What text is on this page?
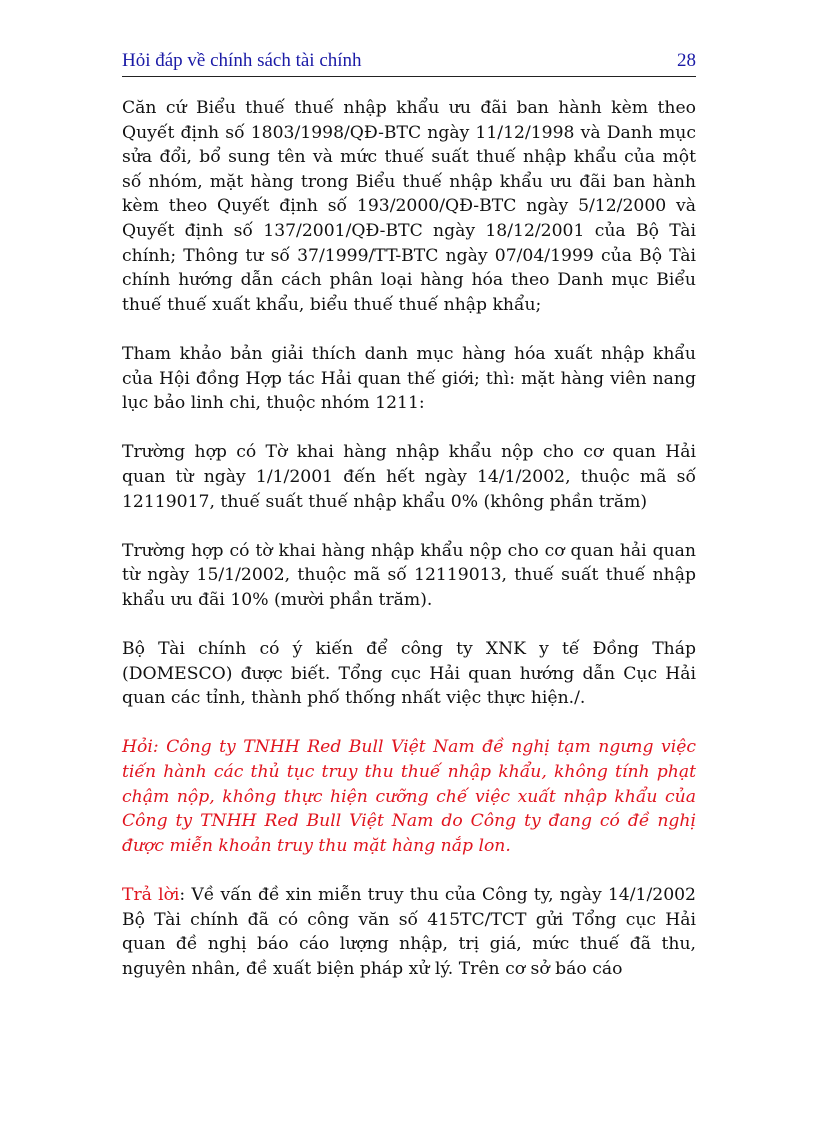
Hỏi đáp về chính sách tài chính	28

Căn cứ Biểu thuế thuế nhập khẩu ưu đãi ban hành kèm theo Quyết định số 1803/1998/QĐ-BTC ngày 11/12/1998 và Danh mục sửa đổi, bổ sung tên và mức thuế suất thuế nhập khẩu của một số nhóm, mặt hàng trong Biểu thuế nhập khẩu ưu đãi ban hành kèm theo Quyết định số 193/2000/QĐ-BTC ngày 5/12/2000 và Quyết định số 137/2001/QĐ-BTC ngày 18/12/2001 của Bộ Tài chính; Thông tư số 37/1999/TT-BTC ngày 07/04/1999 của Bộ Tài chính hướng dẫn cách phân loại hàng hóa theo Danh mục Biểu thuế thuế xuất khẩu, biểu thuế thuế nhập khẩu;

Tham khảo bản giải thích danh mục hàng hóa xuất nhập khẩu của Hội đồng Hợp tác Hải quan thế giới; thì: mặt hàng viên nang lục bảo linh chi, thuộc nhóm 1211:

Trường hợp có Tờ khai hàng nhập khẩu nộp cho cơ quan Hải quan từ ngày 1/1/2001 đến hết ngày 14/1/2002, thuộc mã số 12119017, thuế suất thuế nhập khẩu 0% (không phần trăm)

Trường hợp có tờ khai hàng nhập khẩu nộp cho cơ quan hải quan từ ngày 15/1/2002, thuộc mã số 12119013, thuế suất thuế nhập khẩu ưu đãi 10% (mười phần trăm).

Bộ Tài chính có ý kiến để công ty XNK y tế Đồng Tháp (DOMESCO) được biết. Tổng cục Hải quan hướng dẫn Cục Hải quan các tỉnh, thành phố thống nhất việc thực hiện./.

Hỏi: Công ty TNHH Red Bull Việt Nam đề nghị tạm ngưng việc tiến hành các thủ tục truy thu thuế nhập khẩu, không tính phạt chậm nộp, không thực hiện cưỡng chế việc xuất nhập khẩu của Công ty TNHH Red Bull Việt Nam do Công ty đang có đề nghị được miễn khoản truy thu mặt hàng nắp lon.

Trả lời: Về vấn đề xin miễn truy thu của Công ty, ngày 14/1/2002 Bộ Tài chính đã có công văn số 415TC/TCT gửi Tổng cục Hải quan đề nghị báo cáo lượng nhập, trị giá, mức thuế đã thu, nguyên nhân, đề xuất biện pháp xử lý. Trên cơ sở báo cáo
